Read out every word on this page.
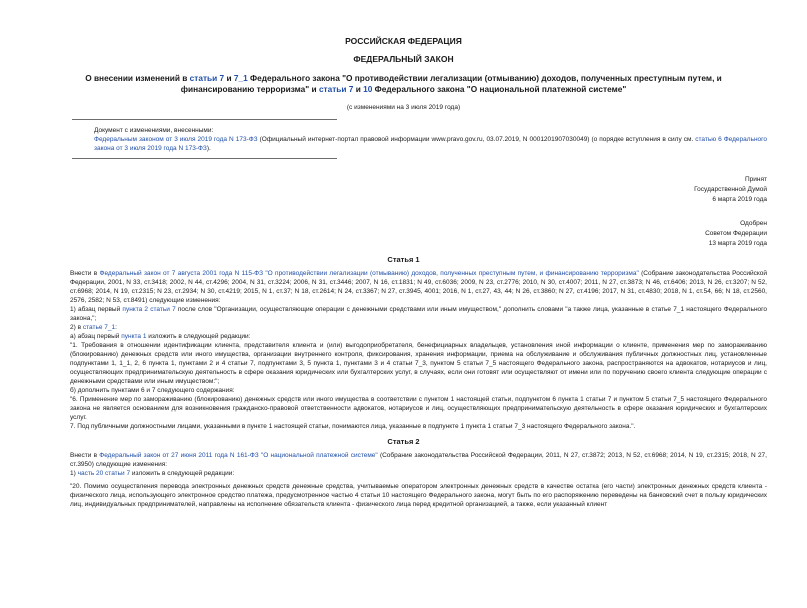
РОССИЙСКАЯ ФЕДЕРАЦИЯ
ФЕДЕРАЛЬНЫЙ ЗАКОН
О внесении изменений в статьи 7 и 7_1 Федерального закона "О противодействии легализации (отмыванию) доходов, полученных преступным путем, и финансированию терроризма" и статьи 7 и 10 Федерального закона "О национальной платежной системе"
(с изменениями на 3 июля 2019 года)

Документ с изменениями, внесенными:

Федеральным законом от 3 июля 2019 года N 173-ФЗ (Официальный интернет-портал правовой информации www.pravo.gov.ru, 03.07.2019, N 0001201907030049) (о порядке вступления в силу см. статью 6 Федерального закона от 3 июля 2019 года N 173-ФЗ).

Принят
Государственной Думой
6 марта 2019 года
Одобрен
Советом Федерации
13 марта 2019 года
Статья 1

Внести в Федеральный закон от 7 августа 2001 года N 115-ФЗ "О противодействии легализации (отмыванию) доходов, полученных преступным путем, и финансированию терроризма" (Собрание законодательства Российской Федерации, 2001, N 33, ст.3418; 2002, N 44, ст.4296; 2004, N 31, ст.3224; 2006, N 31, ст.3446; 2007, N 16, ст.1831; N 49, ст.6036; 2009, N 23, ст.2776; 2010, N 30, ст.4007; 2011, N 27, ст.3873; N 46, ст.6406; 2013, N 26, ст.3207; N 52, ст.6968; 2014, N 19, ст.2315; N 23, ст.2934; N 30, ст.4219; 2015, N 1, ст.37; N 18, ст.2614; N 24, ст.3367; N 27, ст.3945, 4001; 2016, N 1, ст.27, 43, 44; N 26, ст.3860; N 27, ст.4196; 2017, N 31, ст.4830; 2018, N 1, ст.54, 66; N 18, ст.2560, 2576, 2582; N 53, ст.8491) следующие изменения:

1) абзац первый пункта 2 статьи 7 после слов "Организации, осуществляющие операции с денежными средствами или иным имуществом," дополнить словами "а также лица, указанные в статье 7_1 настоящего Федерального закона,";

2) в статье 7_1:

а) абзац первый пункта 1 изложить в следующей редакции:

"1. Требования в отношении идентификации клиента, представителя клиента и (или) выгодоприобретателя, бенефициарных владельцев, установления иной информации о клиенте, применения мер по замораживанию (блокированию) денежных средств или иного имущества, организации внутреннего контроля, фиксирования, хранения информации, приема на обслуживание и обслуживания публичных должностных лиц, установленные подпунктами 1, 1_1, 2, 6 пункта 1, пунктами 2 и 4 статьи 7, подпунктами 3, 5 пункта 1, пунктами 3 и 4 статьи 7_3, пунктом 5 статьи 7_5 настоящего Федерального закона, распространяются на адвокатов, нотариусов и лиц, осуществляющих предпринимательскую деятельность в сфере оказания юридических или бухгалтерских услуг, в случаях, если они готовят или осуществляют от имени или по поручению своего клиента следующие операции с денежными средствами или иным имуществом:";

б) дополнить пунктами 6 и 7 следующего содержания:

"6. Применение мер по замораживанию (блокированию) денежных средств или иного имущества в соответствии с пунктом 1 настоящей статьи, подпунктом 6 пункта 1 статьи 7 и пунктом 5 статьи 7_5 настоящего Федерального закона не является основанием для возникновения гражданско-правовой ответственности адвокатов, нотариусов и лиц, осуществляющих предпринимательскую деятельность в сфере оказания юридических и бухгалтерских услуг.

7. Под публичными должностными лицами, указанными в пункте 1 настоящей статьи, понимаются лица, указанные в подпункте 1 пункта 1 статьи 7_3 настоящего Федерального закона.".

Статья 2

Внести в Федеральный закон от 27 июня 2011 года N 161-ФЗ "О национальной платежной системе" (Собрание законодательства Российской Федерации, 2011, N 27, ст.3872; 2013, N 52, ст.6968; 2014, N 19, ст.2315; 2018, N 27, ст.3950) следующие изменения:

1) часть 20 статьи 7 изложить в следующей редакции:

"20. Помимо осуществления перевода электронных денежных средств денежные средства, учитываемые оператором электронных денежных средств в качестве остатка (его части) электронных денежных средств клиента - физического лица, использующего электронное средство платежа, предусмотренное частью 4 статьи 10 настоящего Федерального закона, могут быть по его распоряжению переведены на банковский счет в пользу юридических лиц, индивидуальных предпринимателей, направлены на исполнение обязательств клиента - физического лица перед кредитной организацией, а также, если указанный клиент
